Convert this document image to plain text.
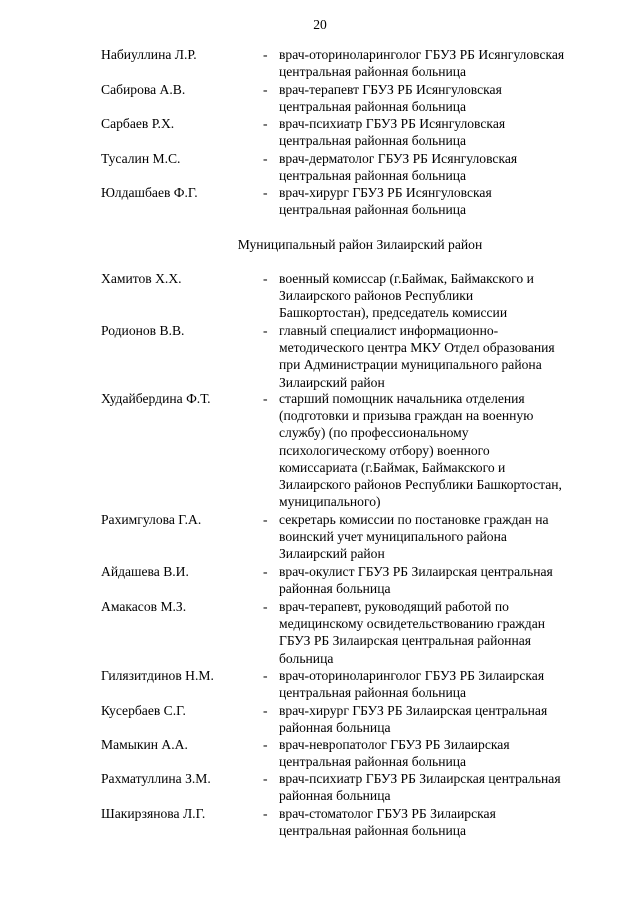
20
Набиуллина Л.Р.	- врач-оториноларинголог ГБУЗ РБ Исянгуловская
центральная районная больница
Сабирова А.В.	- врач-терапевт ГБУЗ РБ Исянгуловская
центральная районная больница
Сарбаев Р.Х.	- врач-психиатр ГБУЗ РБ Исянгуловская
центральная районная больница
Тусалин М.С.	- врач-дерматолог ГБУЗ РБ Исянгуловская
центральная районная больница
Юлдашбаев Ф.Г.	- врач-хирург ГБУЗ РБ Исянгуловская
центральная районная больница
Муниципальный район Зилаирский район
Хамитов Х.Х.	- военный комиссар (г.Баймак, Баймакского и
Зилаирского районов Республики
Башкортостан), председатель комиссии
Родионов В.В.	- главный специалист информационно-
методического центра МКУ Отдел образования
при Администрации муниципального района
Зилаирский район
Худайбердина Ф.Т.	- старший помощник начальника отделения
(подготовки и призыва граждан на военную
службу) (по профессиональному
психологическому отбору) военного
комиссариата (г.Баймак, Баймакского и
Зилаирского районов Республики Башкортостан,
муниципального)
Рахимгулова Г.А.	- секретарь комиссии по постановке граждан на
воинский учет муниципального района
Зилаирский район
Айдашева В.И.	- врач-окулист ГБУЗ РБ Зилаирская центральная
районная больница
Амакасов М.З.	- врач-терапевт, руководящий работой по
медицинскому освидетельствованию граждан
ГБУЗ РБ Зилаирская центральная районная
больница
Гилязитдинов Н.М.	- врач-оториноларинголог ГБУЗ РБ Зилаирская
центральная районная больница
Кусербаев С.Г.	- врач-хирург ГБУЗ РБ Зилаирская центральная
районная больница
Мамыкин А.А.	- врач-невропатолог ГБУЗ РБ Зилаирская
центральная районная больница
Рахматуллина З.М.	- врач-психиатр ГБУЗ РБ Зилаирская центральная
районная больница
Шакирзянова Л.Г.	- врач-стоматолог ГБУЗ РБ Зилаирская
центральная районная больница
